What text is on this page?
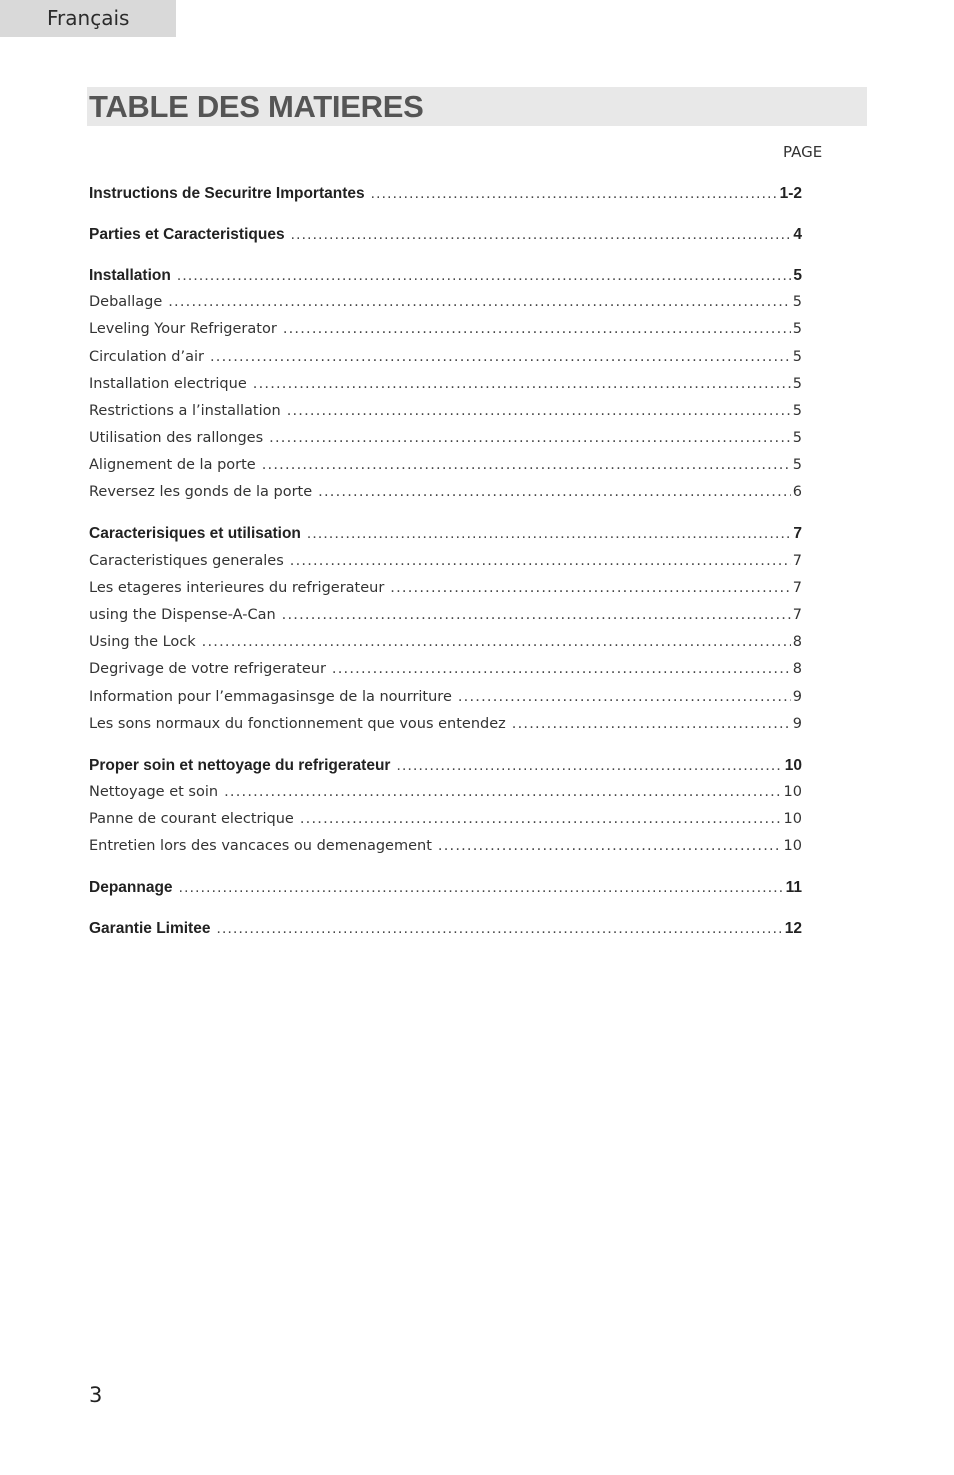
Français
TABLE DES MATIERES
PAGE
Instructions de Securitre Importantes .....	1-2
Parties et Caracteristiques .....	4
Installation .....	5
Deballage .....	5
Leveling Your Refrigerator .....	5
Circulation d’air .....	5
Installation electrique .....	5
Restrictions a l’installation .....	5
Utilisation des rallonges .....	5
Alignement de la porte .....	5
Reversez les gonds de la porte .....	6
Caracterisiques et utilisation .....	7
Caracteristiques generales .....	7
Les etageres interieures du refrigerateur .....	7
using the Dispense-A-Can .....	7
Using the Lock .....	8
Degrivage de votre refrigerateur .....	8
Information pour l’emmagasinsge de la nourriture .....	9
Les sons normaux du fonctionnement que vous entendez .....	9
Proper soin et nettoyage du refrigerateur .....	10
Nettoyage et soin .....	10
Panne de courant electrique .....	10
Entretien lors des vancaces ou demenagement .....	10
Depannage .....	11
Garantie Limitee .....	12
3
